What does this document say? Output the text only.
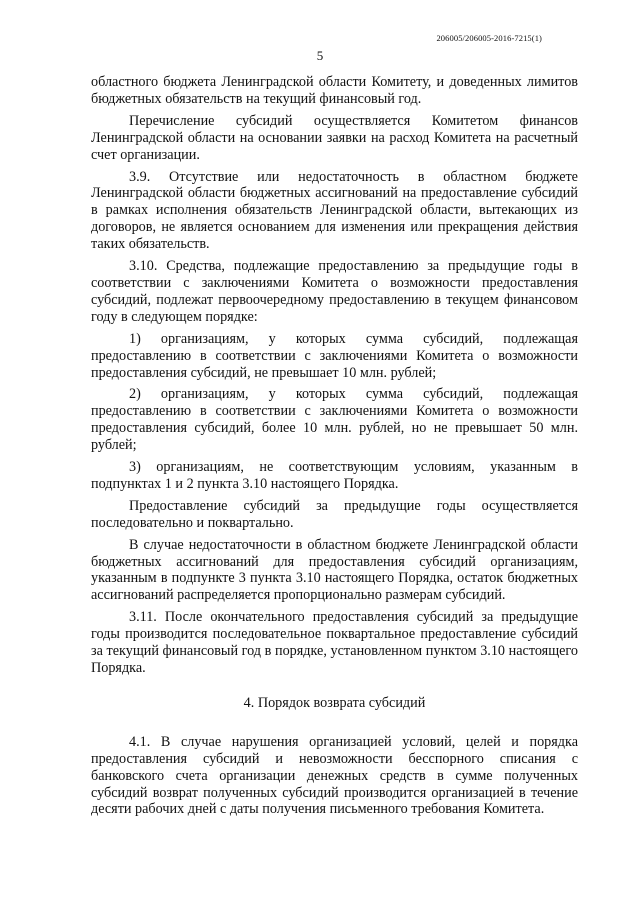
206005/206005-2016-7215(1)
5

областного бюджета Ленинградской области Комитету, и доведенных лимитов бюджетных обязательств на текущий финансовый год.

Перечисление субсидий осуществляется Комитетом финансов Ленинградской области на основании заявки на расход Комитета на расчетный счет организации.

3.9. Отсутствие или недостаточность в областном бюджете Ленинградской области бюджетных ассигнований на предоставление субсидий в рамках исполнения обязательств Ленинградской области, вытекающих из договоров, не является основанием для изменения или прекращения действия таких обязательств.

3.10. Средства, подлежащие предоставлению за предыдущие годы в соответствии с заключениями Комитета о возможности предоставления субсидий, подлежат первоочередному предоставлению в текущем финансовом году в следующем порядке:

1) организациям, у которых сумма субсидий, подлежащая предоставлению в соответствии с заключениями Комитета о возможности предоставления субсидий, не превышает 10 млн. рублей;

2) организациям, у которых сумма субсидий, подлежащая предоставлению в соответствии с заключениями Комитета о возможности предоставления субсидий, более 10 млн. рублей, но не превышает 50 млн. рублей;

3) организациям, не соответствующим условиям, указанным в подпунктах 1 и 2 пункта 3.10 настоящего Порядка.

Предоставление субсидий за предыдущие годы осуществляется последовательно и поквартально.

В случае недостаточности в областном бюджете Ленинградской области бюджетных ассигнований для предоставления субсидий организациям, указанным в подпункте 3 пункта 3.10 настоящего Порядка, остаток бюджетных ассигнований распределяется пропорционально размерам субсидий.

3.11. После окончательного предоставления субсидий за предыдущие годы производится последовательное поквартальное предоставление субсидий за текущий финансовый год в порядке, установленном пунктом 3.10 настоящего Порядка.

4. Порядок возврата субсидий

4.1. В случае нарушения организацией условий, целей и порядка предоставления субсидий и невозможности бесспорного списания с банковского счета организации денежных средств в сумме полученных субсидий возврат полученных субсидий производится организацией в течение десяти рабочих дней с даты получения письменного требования Комитета.
